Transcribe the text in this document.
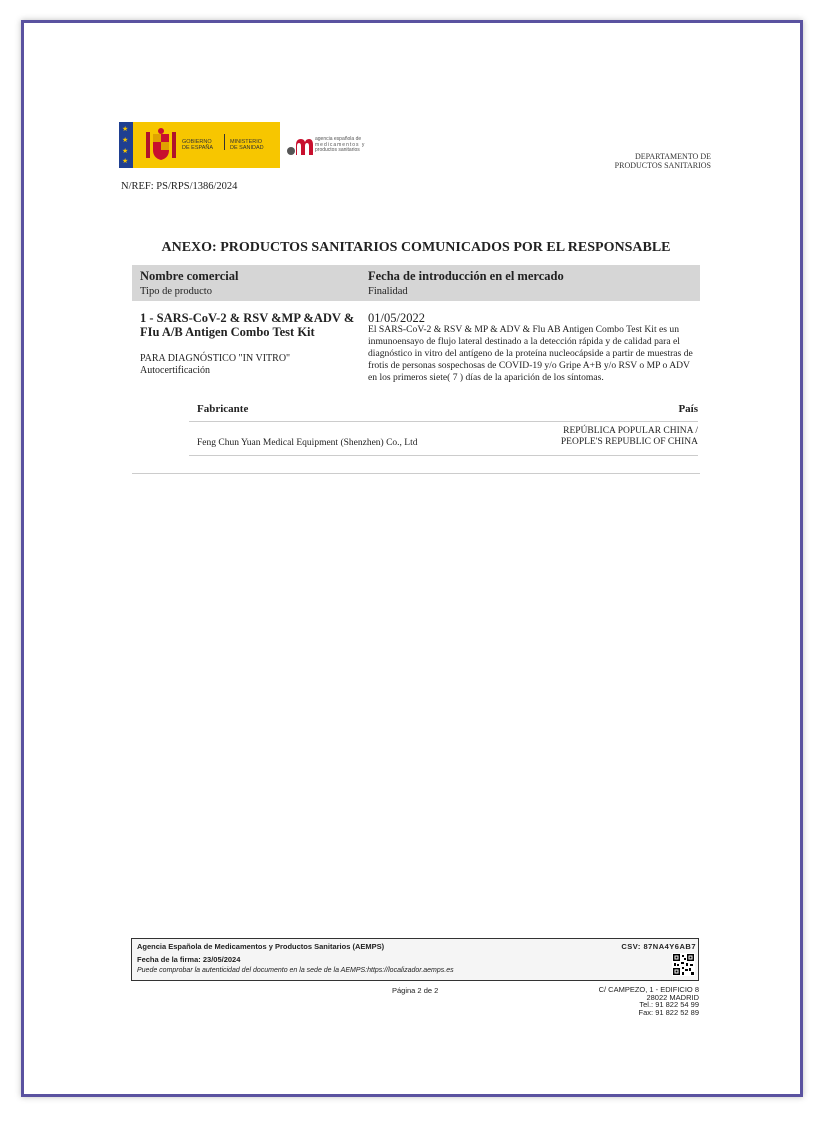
★
★
★
★
GOBIERNO
DE ESPAÑA
MINISTERIO
DE SANIDAD
agencia española de
medicamentos y
productos sanitarios
DEPARTAMENTO DE
PRODUCTOS SANITARIOS
N/REF: PS/RPS/1386/2024
ANEXO: PRODUCTOS SANITARIOS COMUNICADOS POR EL RESPONSABLE
Nombre comercial
Tipo de producto
Fecha de introducción en el mercado
Finalidad
1 - SARS-CoV-2 & RSV &MP &ADV & FIu A/B Antigen Combo Test Kit
PARA DIAGNÓSTICO "IN VITRO"
Autocertificación
01/05/2022
El SARS-CoV-2 & RSV & MP & ADV & Flu AB Antigen Combo Test Kit es un inmunoensayo de flujo lateral destinado a la detección rápida y de calidad para el diagnóstico in vitro del antígeno de la proteína nucleocápside a partir de muestras de frotis de personas sospechosas de COVID-19 y/o Gripe A+B y/o RSV o MP o ADV en los primeros siete( 7 ) días de la aparición de los síntomas.
Fabricante	País
Feng Chun Yuan Medical Equipment (Shenzhen) Co., Ltd
REPÚBLICA POPULAR CHINA /
PEOPLE'S REPUBLIC OF CHINA
Agencia Española de Medicamentos y Productos Sanitarios (AEMPS)
Fecha de la firma: 23/05/2024
Puede comprobar la autenticidad del documento en la sede de la AEMPS:https://localizador.aemps.es
CSV: 87NA4Y6AB7
Página 2 de 2	C/ CAMPEZO, 1 - EDIFICIO 8
28022 MADRID
Tel.: 91 822 54 99
Fax: 91 822 52 89
